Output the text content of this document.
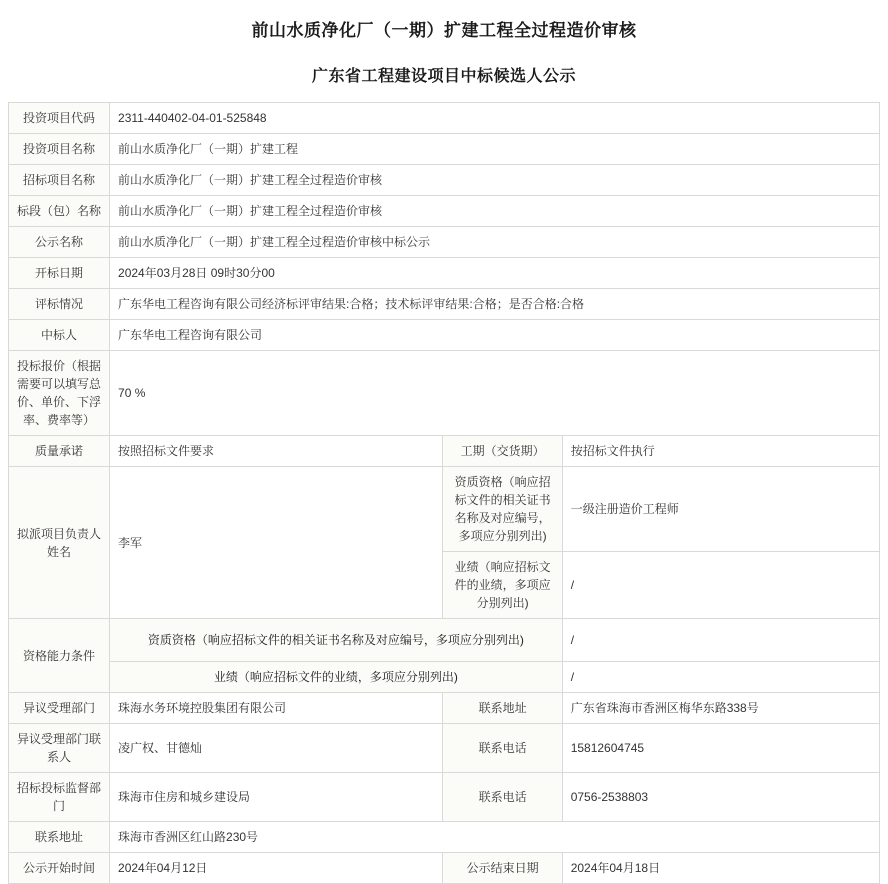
前山水质净化厂（一期）扩建工程全过程造价审核
广东省工程建设项目中标候选人公示
投资项目代码	2311-440402-04-01-525848		
投资项目名称	前山水质净化厂（一期）扩建工程		
招标项目名称	前山水质净化厂（一期）扩建工程全过程造价审核		
标段（包）名称	前山水质净化厂（一期）扩建工程全过程造价审核		
公示名称	前山水质净化厂（一期）扩建工程全过程造价审核中标公示		
开标日期	2024年03月28日 09时30分00		
评标情况	广东华电工程咨询有限公司经济标评审结果:合格；技术标评审结果:合格；是否合格:合格		
中标人	广东华电工程咨询有限公司		
投标报价（根据需要可以填写总价、单价、下浮率、费率等）	70 %		
质量承诺	按照招标文件要求	工期（交货期）	按招标文件执行
拟派项目负责人姓名	李军	资质资格（响应招标文件的相关证书名称及对应编号，多项应分别列出)	一级注册造价工程师
		业绩（响应招标文件的业绩，多项应分别列出)	/
资格能力条件	资质资格（响应招标文件的相关证书名称及对应编号，多项应分别列出)		/
	业绩（响应招标文件的业绩，多项应分别列出)		/
异议受理部门	珠海水务环境控股集团有限公司	联系地址	广东省珠海市香洲区梅华东路338号
异议受理部门联系人	凌广权、甘德灿	联系电话	15812604745
招标投标监督部门	珠海市住房和城乡建设局	联系电话	0756-2538803
联系地址	珠海市香洲区红山路230号		
公示开始时间	2024年04月12日	公示结束日期	2024年04月18日
